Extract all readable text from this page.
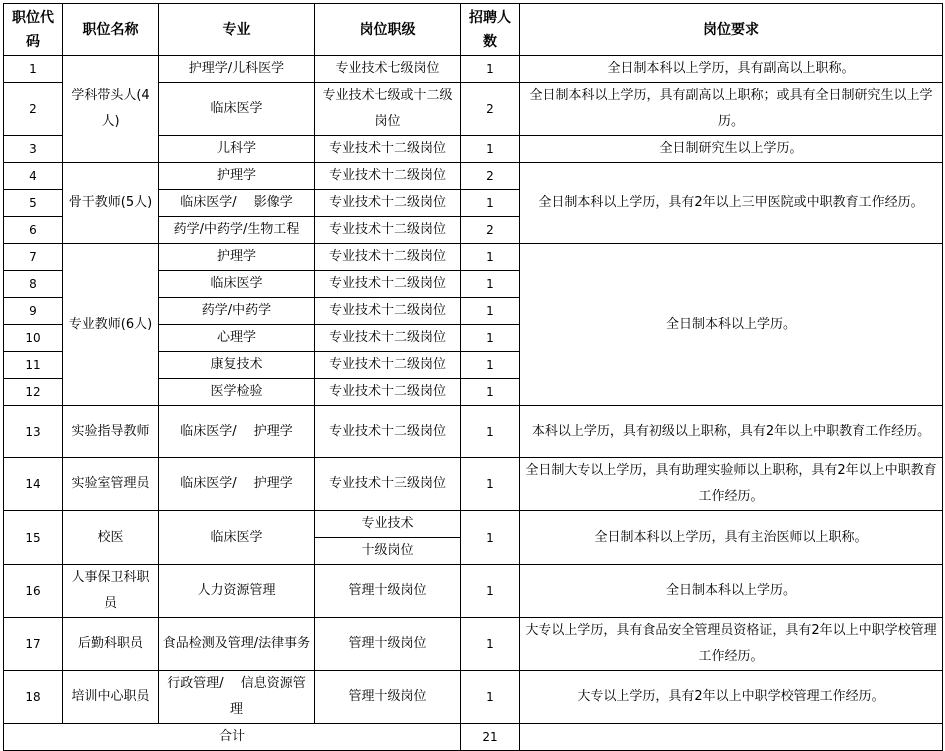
职位代码	职位名称	专业	岗位职级	招聘人数	岗位要求
1	学科带头人(4人)	护理学/儿科医学	专业技术七级岗位	1	全日制本科以上学历，具有副高以上职称。
2		临床医学	专业技术七级或十二级岗位	2	全日制本科以上学历，具有副高以上职称；或具有全日制研究生以上学历。
3		儿科学	专业技术十二级岗位	1	全日制研究生以上学历。
4	骨干教师(5人)	护理学	专业技术十二级岗位	2	全日制本科以上学历，具有2年以上三甲医院或中职教育工作经历。
5		临床医学/　 影像学	专业技术十二级岗位	1	
6		药学/中药学/生物工程	专业技术十二级岗位	2	
7	专业教师(6人)	护理学	专业技术十二级岗位	1	全日制本科以上学历。
8		临床医学	专业技术十二级岗位	1	
9		药学/中药学	专业技术十二级岗位	1	
10		心理学	专业技术十二级岗位	1	
11		康复技术	专业技术十二级岗位	1	
12		医学检验	专业技术十二级岗位	1	
13	实验指导教师	临床医学/　 护理学	专业技术十二级岗位	1	本科以上学历，具有初级以上职称，具有2年以上中职教育工作经历。
14	实验室管理员	临床医学/　 护理学	专业技术十三级岗位	1	全日制大专以上学历，具有助理实验师以上职称，具有2年以上中职教育工作经历。
15	校医	临床医学	专业技术	1	全日制本科以上学历，具有主治医师以上职称。
			十级岗位		
16	人事保卫科职员	人力资源管理	管理十级岗位	1	全日制本科以上学历。
17	后勤科职员	食品检测及管理/法律事务	管理十级岗位	1	大专以上学历，具有食品安全管理员资格证，具有2年以上中职学校管理工作经历。
18	培训中心职员	行政管理/　 信息资源管理	管理十级岗位	1	大专以上学历，具有2年以上中职学校管理工作经历。
合计				21	
